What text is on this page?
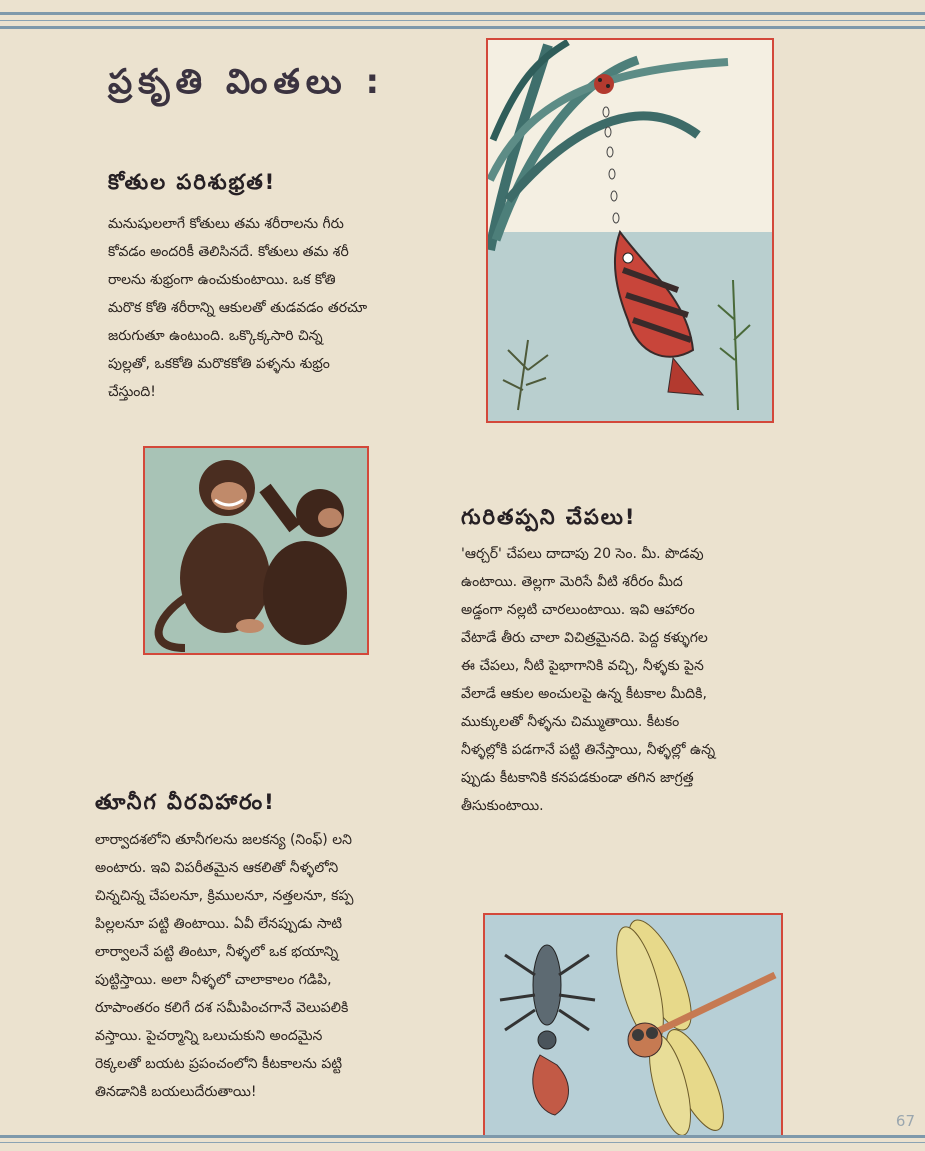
ప్రకృతి వింతలు :
కోతుల పరిశుభ్రత!

మనుషులలాగే కోతులు తమ శరీరాలను గీరు

కోవడం అందరికీ తెలిసినదే. కోతులు తమ శరీ

రాలను శుభ్రంగా ఉంచుకుంటాయి. ఒక కోతి

మరొక కోతి శరీరాన్ని ఆకులతో తుడవడం తరచూ

జరుగుతూ ఉంటుంది. ఒక్కొక్కసారి చిన్న

పుల్లతో, ఒకకోతి మరొకకోతి పళ్ళను శుభ్రం

చేస్తుంది!

గురితప్పని చేపలు!

'ఆర్చర్' చేపలు దాదాపు 20 సెం. మీ. పొడవు

ఉంటాయి. తెల్లగా మెరిసే వీటి శరీరం మీద

అడ్డంగా నల్లటి చారలుంటాయి. ఇవి ఆహారం

వేటాడే తీరు చాలా విచిత్రమైనది. పెద్ద కళ్ళుగల

ఈ చేపలు, నీటి పైభాగానికి వచ్చి, నీళ్ళకు పైన

వేలాడే ఆకుల అంచులపై ఉన్న కీటకాల మీదికి,

ముక్కులతో నీళ్ళను చిమ్ముతాయి. కీటకం

నీళ్ళల్లోకి పడగానే పట్టి తినేస్తాయి, నీళ్ళల్లో ఉన్న

ప్పుడు కీటకానికి కనపడకుండా తగిన జాగ్రత్త

తీసుకుంటాయి.

తూనీగ వీరవిహారం!

లార్వాదశలోని తూనీగలను జలకన్య (నింఫ్) లని

అంటారు. ఇవి విపరీతమైన ఆకలితో నీళ్ళలోని

చిన్నచిన్న చేపలనూ, క్రిములనూ, నత్తలనూ, కప్ప

పిల్లలనూ పట్టి తింటాయి. ఏవీ లేనప్పుడు సాటి

లార్వాలనే పట్టి తింటూ, నీళ్ళలో ఒక భయాన్ని

పుట్టిస్తాయి. అలా నీళ్ళలో చాలాకాలం గడిపి,

రూపాంతరం కలిగే దశ సమీపించగానే వెలుపలికి

వస్తాయి. పైచర్మాన్ని ఒలుచుకుని అందమైన

రెక్కలతో బయట ప్రపంచంలోని కీటకాలను పట్టి

తినడానికి బయలుదేరుతాయి!

67
